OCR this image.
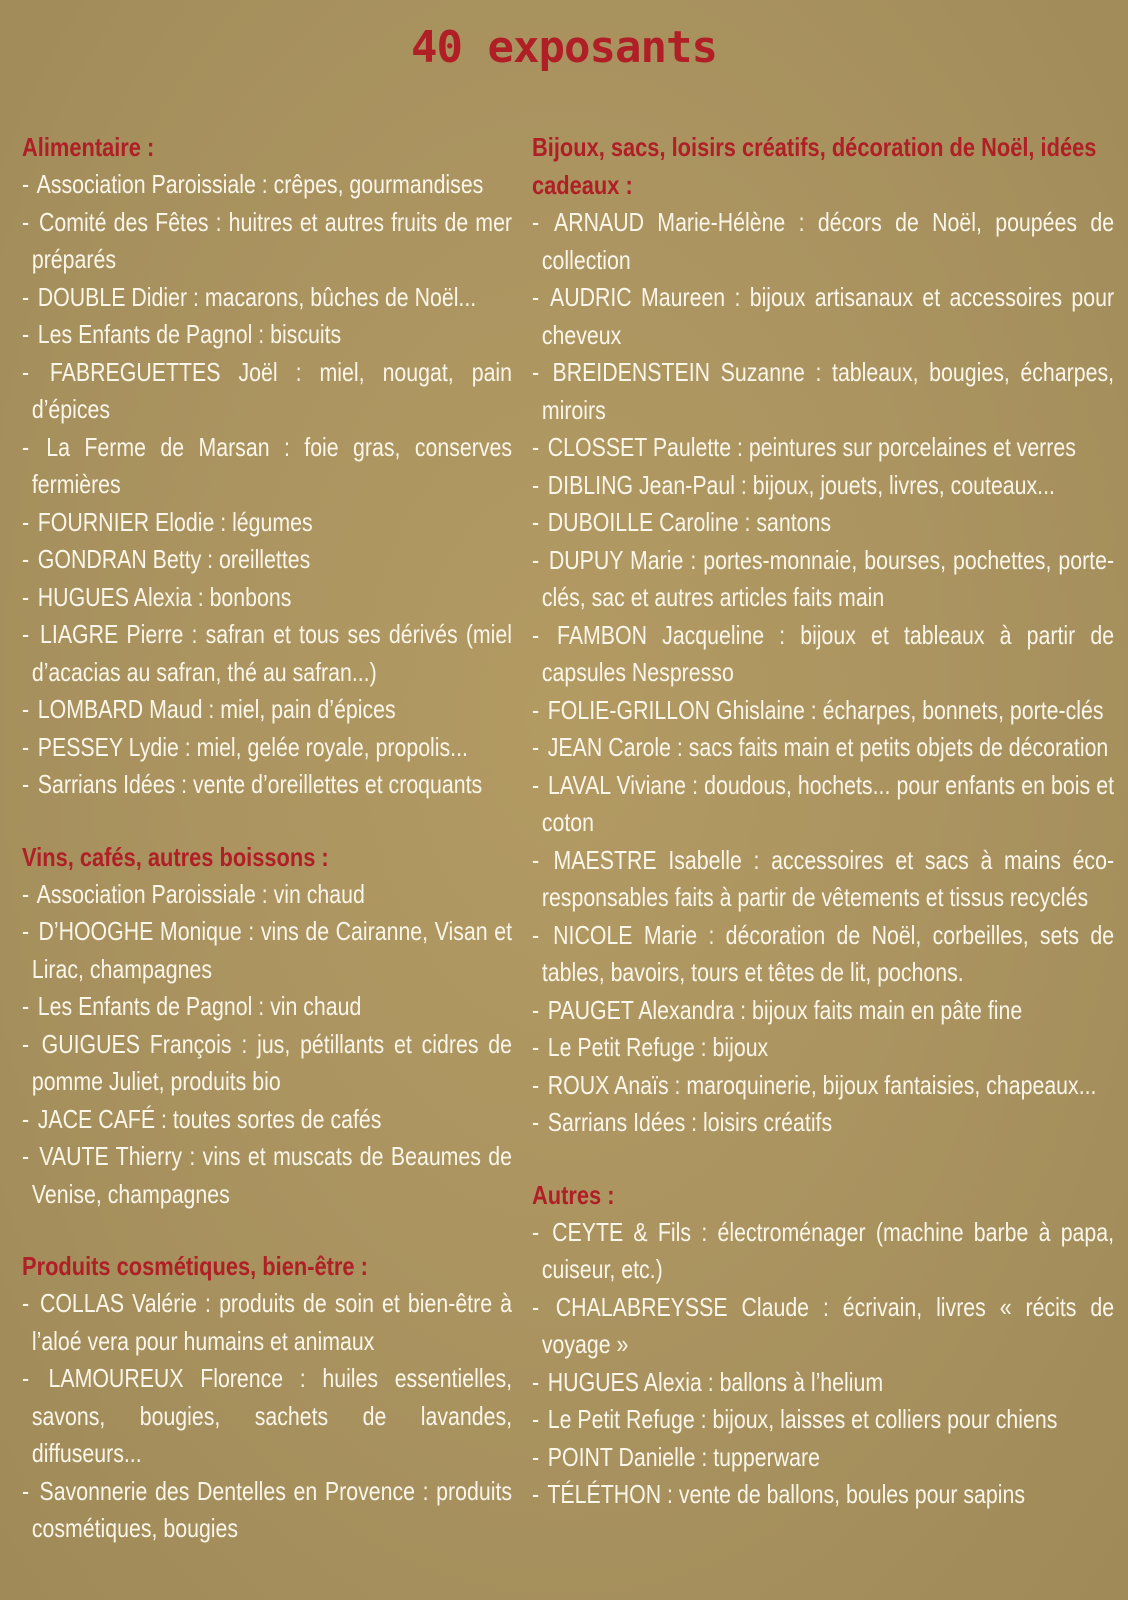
40 exposants
Alimentaire :
- Association Paroissiale : crêpes, gourmandises
- Comité des Fêtes : huitres et autres fruits de mer préparés
- DOUBLE Didier : macarons, bûches de Noël...
- Les Enfants de Pagnol : biscuits
- FABREGUETTES Joël : miel, nougat, pain d’épices
- La Ferme de Marsan : foie gras, conserves fermières
- FOURNIER Elodie : légumes
- GONDRAN Betty : oreillettes
- HUGUES Alexia : bonbons
- LIAGRE Pierre : safran et tous ses dérivés (miel d’acacias au safran, thé au safran...)
- LOMBARD Maud : miel, pain d’épices
- PESSEY Lydie : miel, gelée royale, propolis...
- Sarrians Idées : vente d’oreillettes et croquants
Vins, cafés, autres boissons :
- Association Paroissiale : vin chaud
- D’HOOGHE Monique : vins de Cairanne, Visan et Lirac, champagnes
- Les Enfants de Pagnol : vin chaud
- GUIGUES François : jus, pétillants et cidres de pomme Juliet, produits bio
- JACE CAFÉ : toutes sortes de cafés
- VAUTE Thierry : vins et muscats de Beaumes de Venise, champagnes
Produits cosmétiques, bien-être :
- COLLAS Valérie : produits de soin et bien-être à l’aloé vera pour humains et animaux
- LAMOUREUX Florence : huiles essentielles, savons, bougies, sachets de lavandes, diffuseurs...
- Savonnerie des Dentelles en Provence : produits cosmétiques, bougies
Bijoux, sacs, loisirs créatifs, décoration de Noël, idées cadeaux :
- ARNAUD Marie-Hélène : décors de Noël, poupées de collection
- AUDRIC Maureen : bijoux artisanaux et accessoires pour cheveux
- BREIDENSTEIN Suzanne : tableaux, bougies, écharpes, miroirs
- CLOSSET Paulette : peintures sur porcelaines et verres
- DIBLING Jean-Paul : bijoux, jouets, livres, couteaux...
- DUBOILLE Caroline : santons
- DUPUY Marie : portes-monnaie, bourses, pochettes, porte-clés, sac et autres articles faits main
- FAMBON Jacqueline : bijoux et tableaux à partir de capsules Nespresso
- FOLIE-GRILLON Ghislaine : écharpes, bonnets, porte-clés
- JEAN Carole : sacs faits main et petits objets de décoration
- LAVAL Viviane : doudous, hochets... pour enfants en bois et coton
- MAESTRE Isabelle : accessoires et sacs à mains éco-responsables faits à partir de vêtements et tissus recyclés
- NICOLE Marie : décoration de Noël, corbeilles, sets de tables, bavoirs, tours et têtes de lit, pochons.
- PAUGET Alexandra : bijoux faits main en pâte fine
- Le Petit Refuge : bijoux
- ROUX Anaïs : maroquinerie, bijoux fantaisies, chapeaux...
- Sarrians Idées : loisirs créatifs
Autres :
- CEYTE & Fils : électroménager (machine barbe à papa, cuiseur, etc.)
- CHALABREYSSE Claude : écrivain, livres « récits de voyage »
- HUGUES Alexia : ballons à l’helium
- Le Petit Refuge : bijoux, laisses et colliers pour chiens
- POINT Danielle : tupperware
- TÉLÉTHON : vente de ballons, boules pour sapins
